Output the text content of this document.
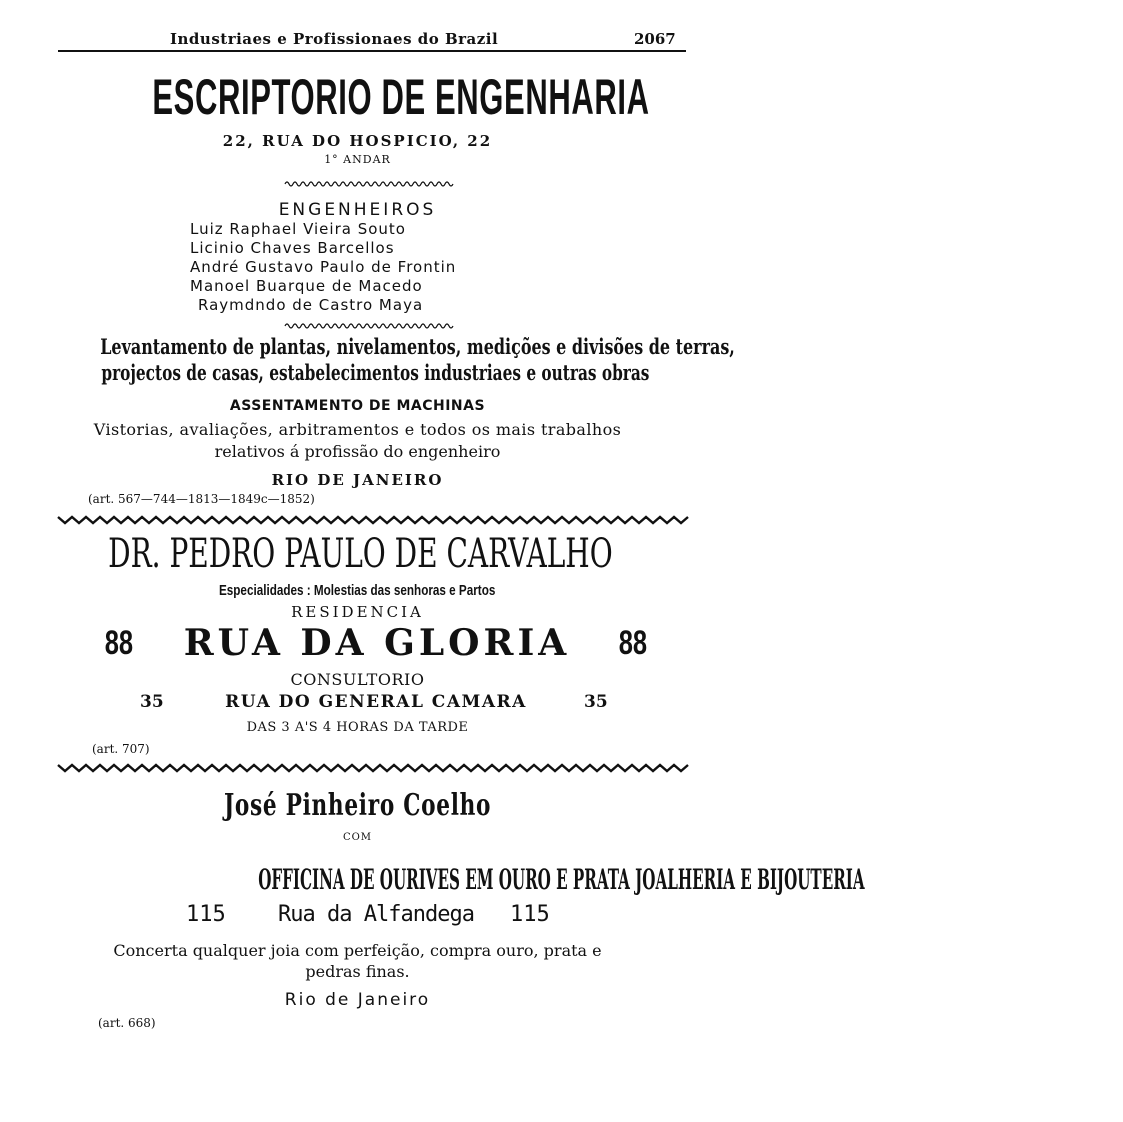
Industriaes e Profissionaes do Brazil	2067
ESCRIPTORIO DE ENGENHARIA
22, RUA DO HOSPICIO, 22
1° ANDAR
ENGENHEIROS
Luiz Raphael Vieira Souto
Licinio Chaves Barcellos
André Gustavo Paulo de Frontin
Manoel Buarque de Macedo
Raymdndo de Castro Maya
Levantamento de plantas, nivelamentos, medições e divisões de terras,
projectos de casas, estabelecimentos industriaes e outras obras
ASSENTAMENTO DE MACHINAS
Vistorias, avaliações, arbitramentos e todos os mais trabalhos
relativos á profissão do engenheiro
RIO DE JANEIRO
(art. 567—744—1813—1849c—1852)
DR. PEDRO PAULO DE CARVALHO
Especialidades : Molestias das senhoras e Partos
RESIDENCIA
88	RUA DA GLORIA	88
CONSULTORIO
35	RUA DO GENERAL CAMARA	35
DAS 3 A'S 4 HORAS DA TARDE
(art. 707)
José Pinheiro Coelho
COM
OFFICINA DE OURIVES EM OURO E PRATA JOALHERIA E BIJOUTERIA
115	Rua da Alfandega	115
Concerta qualquer joia com perfeição, compra ouro, prata e
pedras finas.
Rio de Janeiro
(art. 668)
